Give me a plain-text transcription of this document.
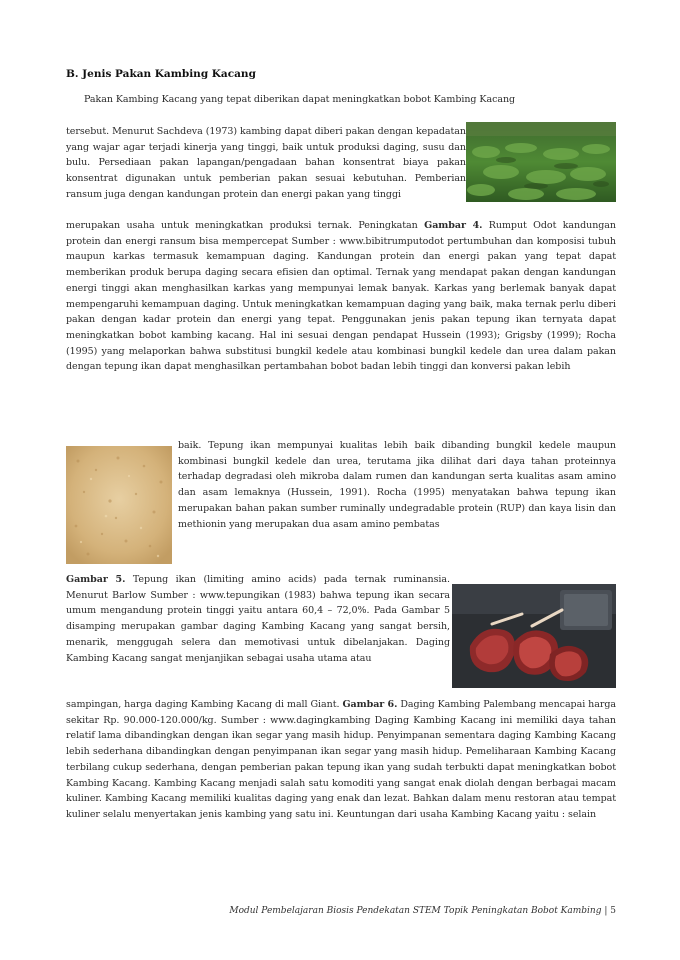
B. Jenis Pakan Kambing Kacang

Pakan Kambing Kacang yang tepat diberikan dapat meningkatkan bobot Kambing Kacang

tersebut. Menurut Sachdeva (1973) kambing dapat diberi pakan dengan kepadatan yang wajar agar terjadi kinerja yang tinggi, baik untuk produksi daging, susu dan bulu. Persediaan pakan lapangan/pengadaan bahan konsentrat biaya pakan konsentrat digunakan untuk pemberian pakan sesuai kebutuhan. Pemberian ransum juga dengan kandungan protein dan energi pakan yang tinggi

merupakan usaha untuk meningkatkan produksi ternak. Peningkatan Gambar 4. Rumput Odot kandungan protein dan energi ransum bisa mempercepat Sumber : www.bibitrumputodot pertumbuhan dan komposisi tubuh maupun karkas termasuk kemampuan daging. Kandungan protein dan energi pakan yang tepat dapat memberikan produk berupa daging secara efisien dan optimal. Ternak yang mendapat pakan dengan kandungan energi tinggi akan menghasilkan karkas yang mempunyai lemak banyak. Karkas yang berlemak banyak dapat mempengaruhi kemampuan daging. Untuk meningkatkan kemampuan daging yang baik, maka ternak perlu diberi pakan dengan kadar protein dan energi yang tepat. Penggunakan jenis pakan tepung ikan ternyata dapat meningkatkan bobot kambing kacang. Hal ini sesuai dengan pendapat Hussein (1993); Grigsby (1999); Rocha (1995) yang melaporkan bahwa substitusi bungkil kedele atau kombinasi bungkil kedele dan urea dalam pakan dengan tepung ikan dapat menghasilkan pertambahan bobot badan lebih tinggi dan konversi pakan lebih

baik. Tepung ikan mempunyai kualitas lebih baik dibanding bungkil kedele maupun kombinasi bungkil kedele dan urea, terutama jika dilihat dari daya tahan proteinnya terhadap degradasi oleh mikroba dalam rumen dan kandungan serta kualitas asam amino dan asam lemaknya (Hussein, 1991). Rocha (1995) menyatakan bahwa tepung ikan merupakan bahan pakan sumber ruminally undegradable protein (RUP) dan kaya lisin dan methionin yang merupakan dua asam amino pembatas

Gambar 5. Tepung ikan (limiting amino acids) pada ternak ruminansia. Menurut Barlow Sumber : www.tepungikan (1983) bahwa tepung ikan secara umum mengandung protein tinggi yaitu antara 60,4 – 72,0%. Pada Gambar 5 disamping merupakan gambar daging Kambing Kacang yang sangat bersih, menarik, menggugah selera dan memotivasi untuk dibelanjakan. Daging Kambing Kacang sangat menjanjikan sebagai usaha utama atau

sampingan, harga daging Kambing Kacang di mall Giant. Gambar 6. Daging Kambing Palembang mencapai harga sekitar Rp. 90.000-120.000/kg. Sumber : www.dagingkambing Daging Kambing Kacang ini memiliki daya tahan relatif lama dibandingkan dengan ikan segar yang masih hidup. Penyimpanan sementara daging Kambing Kacang lebih sederhana dibandingkan dengan penyimpanan ikan segar yang masih hidup. Pemeliharaan Kambing Kacang terbilang cukup sederhana, dengan pemberian pakan tepung ikan yang sudah terbukti dapat meningkatkan bobot Kambing Kacang. Kambing Kacang menjadi salah satu komoditi yang sangat enak diolah dengan berbagai macam kuliner. Kambing Kacang memiliki kualitas daging yang enak dan lezat. Bahkan dalam menu restoran atau tempat kuliner selalu menyertakan jenis kambing yang satu ini. Keuntungan dari usaha Kambing Kacang yaitu : selain

Modul Pembelajaran Biosis Pendekatan STEM Topik Peningkatan Bobot Kambing | 5
